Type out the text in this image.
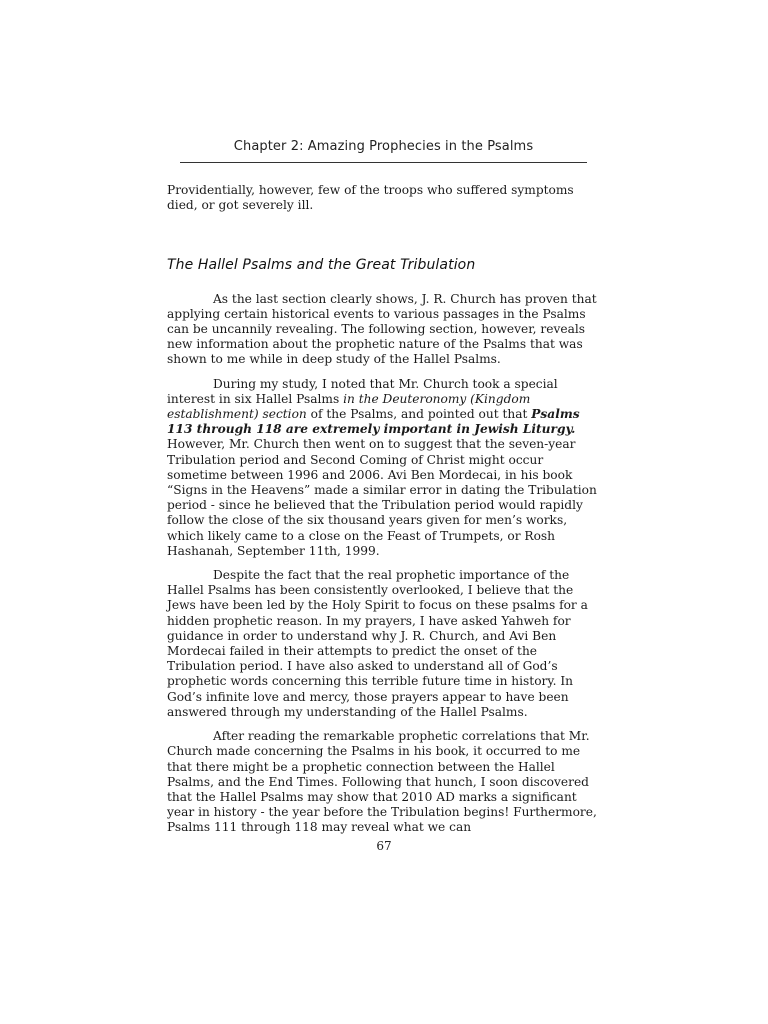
Chapter 2: Amazing Prophecies in the Psalms

Providentially, however, few of the troops who suffered symptoms died, or got severely ill.

The Hallel Psalms and the Great Tribulation

As the last section clearly shows, J. R. Church has proven that applying certain historical events to various passages in the Psalms can be uncannily revealing. The following section, however, reveals new information about the prophetic nature of the Psalms that was shown to me while in deep study of the Hallel Psalms.

During my study, I noted that Mr. Church took a special interest in six Hallel Psalms in the Deuteronomy (Kingdom establishment) section of the Psalms, and pointed out that Psalms 113 through 118 are extremely important in Jewish Liturgy. However, Mr. Church then went on to suggest that the seven-year Tribulation period and Second Coming of Christ might occur sometime between 1996 and 2006. Avi Ben Mordecai, in his book “Signs in the Heavens” made a similar error in dating the Tribulation period - since he believed that the Tribulation period would rapidly follow the close of the six thousand years given for men’s works, which likely came to a close on the Feast of Trumpets, or Rosh Hashanah, September 11th, 1999.

Despite the fact that the real prophetic importance of the Hallel Psalms has been consistently overlooked, I believe that the Jews have been led by the Holy Spirit to focus on these psalms for a hidden prophetic reason. In my prayers, I have asked Yahweh for guidance in order to understand why J. R. Church, and Avi Ben Mordecai failed in their attempts to predict the onset of the Tribulation period. I have also asked to understand all of God’s prophetic words concerning this terrible future time in history. In God’s infinite love and mercy, those prayers appear to have been answered through my understanding of the Hallel Psalms.

After reading the remarkable prophetic correlations that Mr. Church made concerning the Psalms in his book, it occurred to me that there might be a prophetic connection between the Hallel Psalms, and the End Times. Following that hunch, I soon discovered that the Hallel Psalms may show that 2010 AD marks a significant year in history - the year before the Tribulation begins! Furthermore, Psalms 111 through 118 may reveal what we can

67
